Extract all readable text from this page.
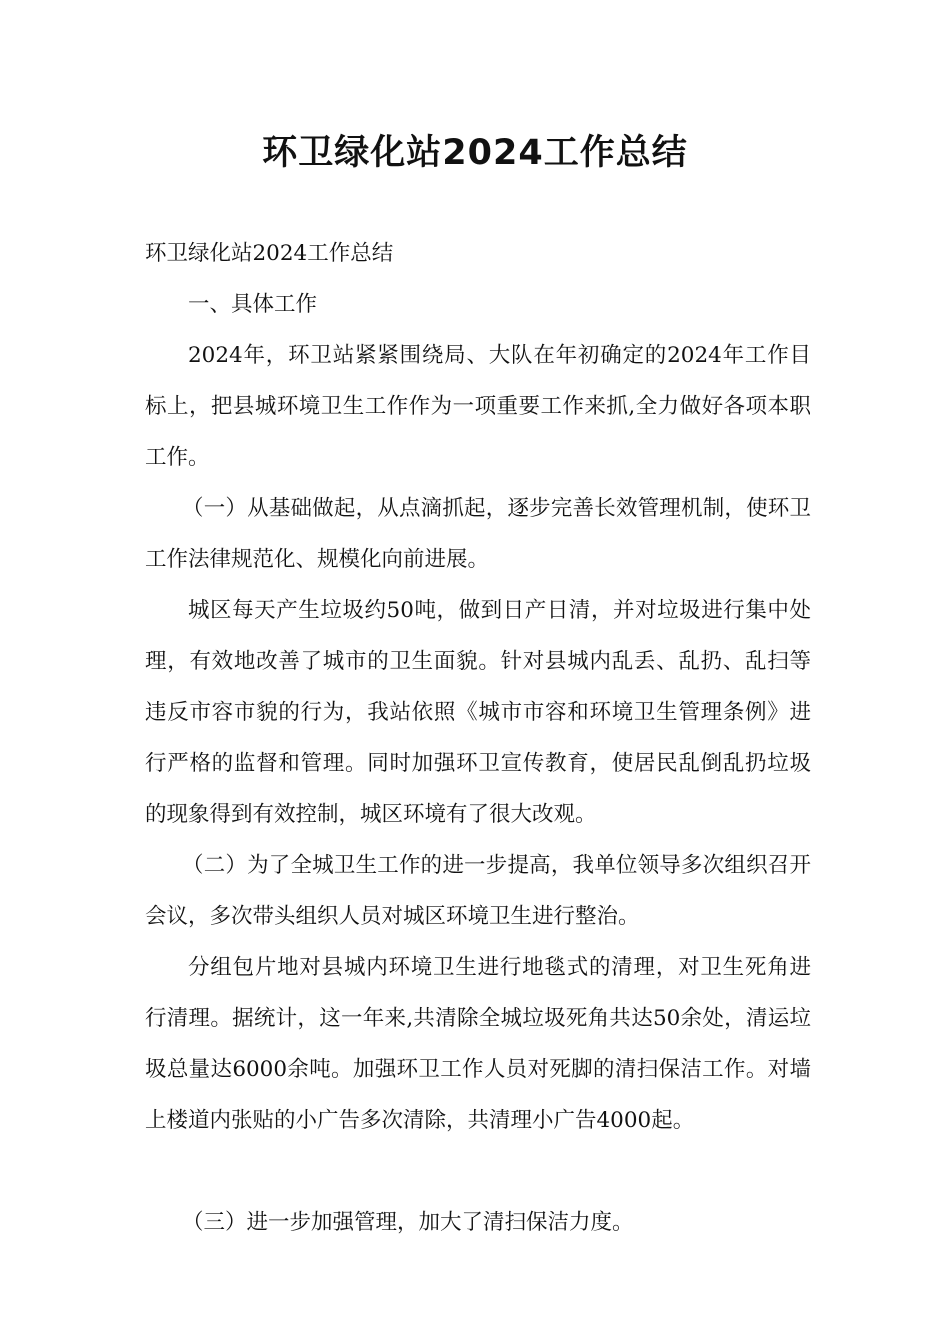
环卫绿化站2024工作总结

环卫绿化站2024工作总结

一、具体工作

2024年，环卫站紧紧围绕局、大队在年初确定的2024年工作目标上，把县城环境卫生工作作为一项重要工作来抓,全力做好各项本职工作。

（一）从基础做起，从点滴抓起，逐步完善长效管理机制，使环卫工作法律规范化、规模化向前进展。

城区每天产生垃圾约50吨，做到日产日清，并对垃圾进行集中处理，有效地改善了城市的卫生面貌。针对县城内乱丢、乱扔、乱扫等违反市容市貌的行为，我站依照《城市市容和环境卫生管理条例》进行严格的监督和管理。同时加强环卫宣传教育，使居民乱倒乱扔垃圾的现象得到有效控制，城区环境有了很大改观。

（二）为了全城卫生工作的进一步提高，我单位领导多次组织召开会议，多次带头组织人员对城区环境卫生进行整治。

分组包片地对县城内环境卫生进行地毯式的清理，对卫生死角进行清理。据统计，这一年来,共清除全城垃圾死角共达50余处，清运垃圾总量达6000余吨。加强环卫工作人员对死脚的清扫保洁工作。对墙上楼道内张贴的小广告多次清除，共清理小广告4000起。

（三）进一步加强管理，加大了清扫保洁力度。
